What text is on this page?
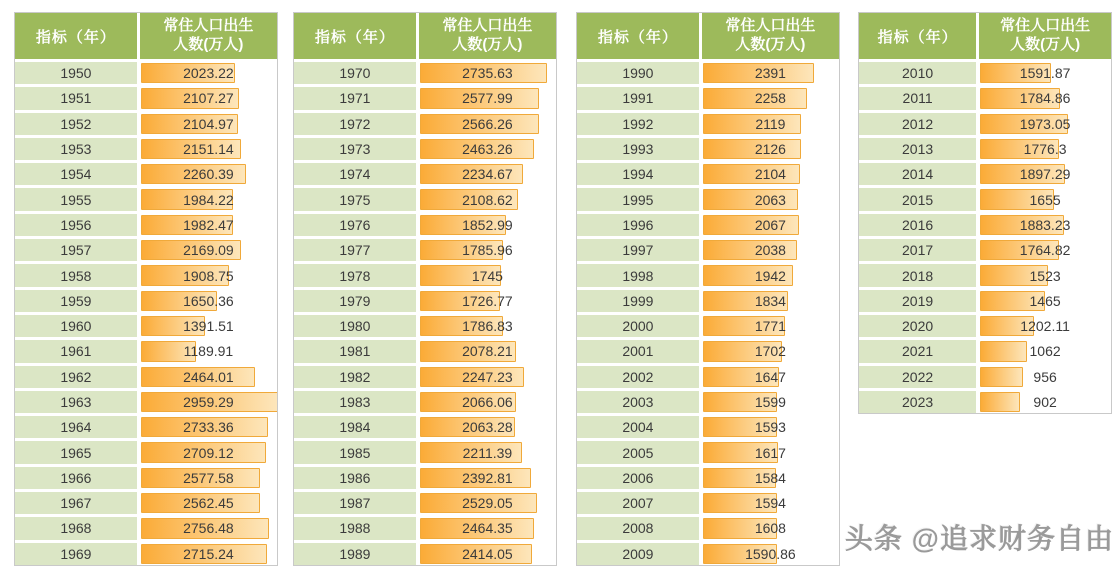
指标（年）
常住人口出生
人数(万人)
1950	2023.22
1951	2107.27
1952	2104.97
1953	2151.14
1954	2260.39
1955	1984.22
1956	1982.47
1957	2169.09
1958	1908.75
1959	1650.36
1960	1391.51
1961	1189.91
1962	2464.01
1963	2959.29
1964	2733.36
1965	2709.12
1966	2577.58
1967	2562.45
1968	2756.48
1969	2715.24
指标（年）
常住人口出生
人数(万人)
1970	2735.63
1971	2577.99
1972	2566.26
1973	2463.26
1974	2234.67
1975	2108.62
1976	1852.99
1977	1785.96
1978	1745
1979	1726.77
1980	1786.83
1981	2078.21
1982	2247.23
1983	2066.06
1984	2063.28
1985	2211.39
1986	2392.81
1987	2529.05
1988	2464.35
1989	2414.05
指标（年）
常住人口出生
人数(万人)
1990	2391
1991	2258
1992	2119
1993	2126
1994	2104
1995	2063
1996	2067
1997	2038
1998	1942
1999	1834
2000	1771
2001	1702
2002	1647
2003	1599
2004	1593
2005	1617
2006	1584
2007	1594
2008	1608
2009	1590.86
指标（年）
常住人口出生
人数(万人)
2010	1591.87
2011	1784.86
2012	1973.05
2013	1776.3
2014	1897.29
2015	1655
2016	1883.23
2017	1764.82
2018	1523
2019	1465
2020	1202.11
2021	1062
2022	956
2023	902
头条 @追求财务自由
